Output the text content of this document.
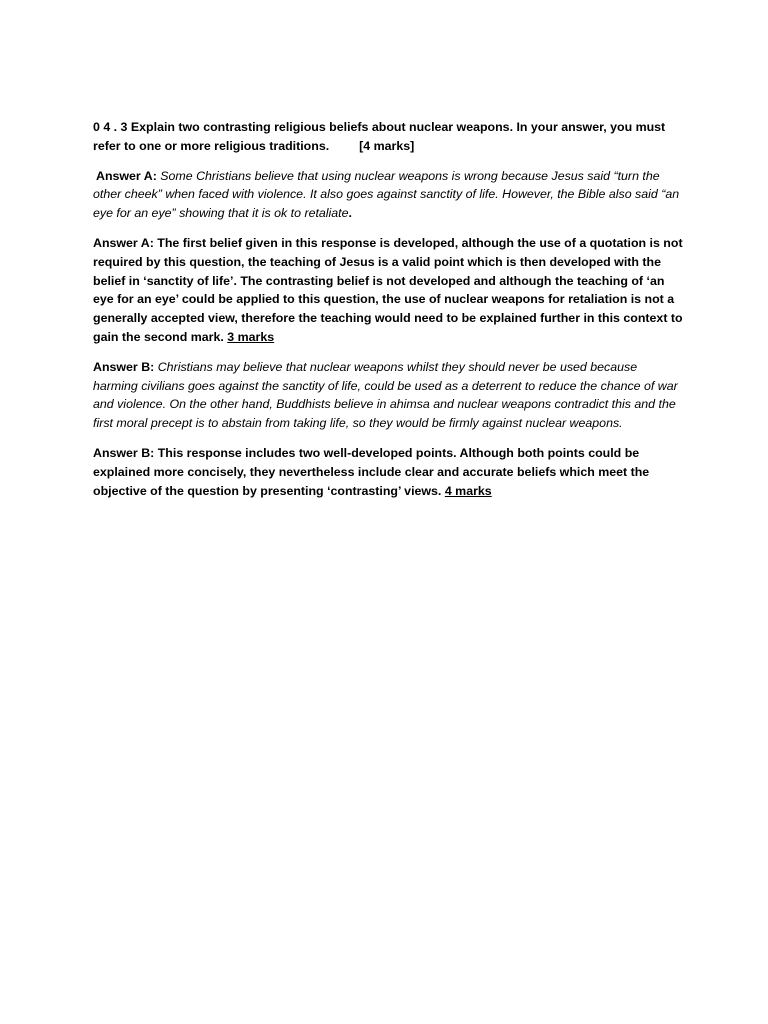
0 4 . 3 Explain two contrasting religious beliefs about nuclear weapons. In your answer, you must refer to one or more religious traditions. [4 marks]

Answer A: Some Christians believe that using nuclear weapons is wrong because Jesus said “turn the other cheek” when faced with violence. It also goes against sanctity of life. However, the Bible also said “an eye for an eye” showing that it is ok to retaliate.

Answer A: The first belief given in this response is developed, although the use of a quotation is not required by this question, the teaching of Jesus is a valid point which is then developed with the belief in ‘sanctity of life’. The contrasting belief is not developed and although the teaching of ‘an eye for an eye’ could be applied to this question, the use of nuclear weapons for retaliation is not a generally accepted view, therefore the teaching would need to be explained further in this context to gain the second mark. 3 marks

Answer B: Christians may believe that nuclear weapons whilst they should never be used because harming civilians goes against the sanctity of life, could be used as a deterrent to reduce the chance of war and violence. On the other hand, Buddhists believe in ahimsa and nuclear weapons contradict this and the first moral precept is to abstain from taking life, so they would be firmly against nuclear weapons.

Answer B: This response includes two well-developed points. Although both points could be explained more concisely, they nevertheless include clear and accurate beliefs which meet the objective of the question by presenting ‘contrasting’ views. 4 marks
